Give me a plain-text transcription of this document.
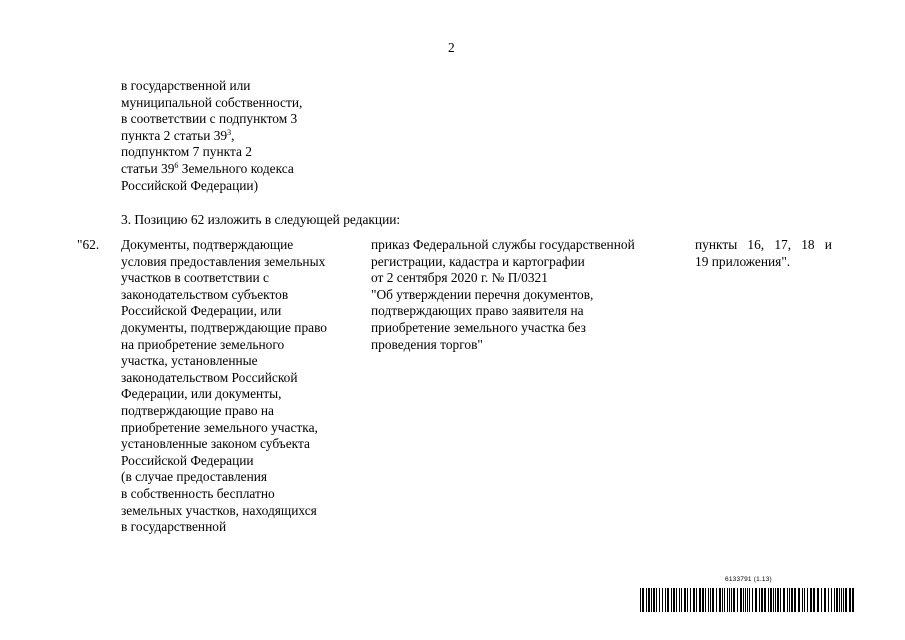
2
в государственной или
муниципальной собственности,
в соответствии с подпунктом 3
пункта 2 статьи $39^3$,
подпунктом 7 пункта 2
статьи $39^6$ Земельного кодекса
Российской Федерации)
3. Позицию 62 изложить в следующей редакции:
"62. Документы, подтверждающие
условия предоставления земельных
участков в соответствии с
законодательством субъектов
Российской Федерации, или
документы, подтверждающие право
на приобретение земельного
участка, установленные
законодательством Российской
Федерации, или документы,
подтверждающие право на
приобретение земельного участка,
установленные законом субъекта
Российской Федерации
(в случае предоставления
в собственность бесплатно
земельных участков, находящихся
в государственной
приказ Федеральной службы государственной
регистрации, кадастра и картографии
от 2 сентября 2020 г. № П/0321
"Об утверждении перечня документов,
подтверждающих право заявителя на
приобретение земельного участка без
проведения торгов"
пункты 16, 17, 18 и
19 приложения".
6133791 (1.13)
